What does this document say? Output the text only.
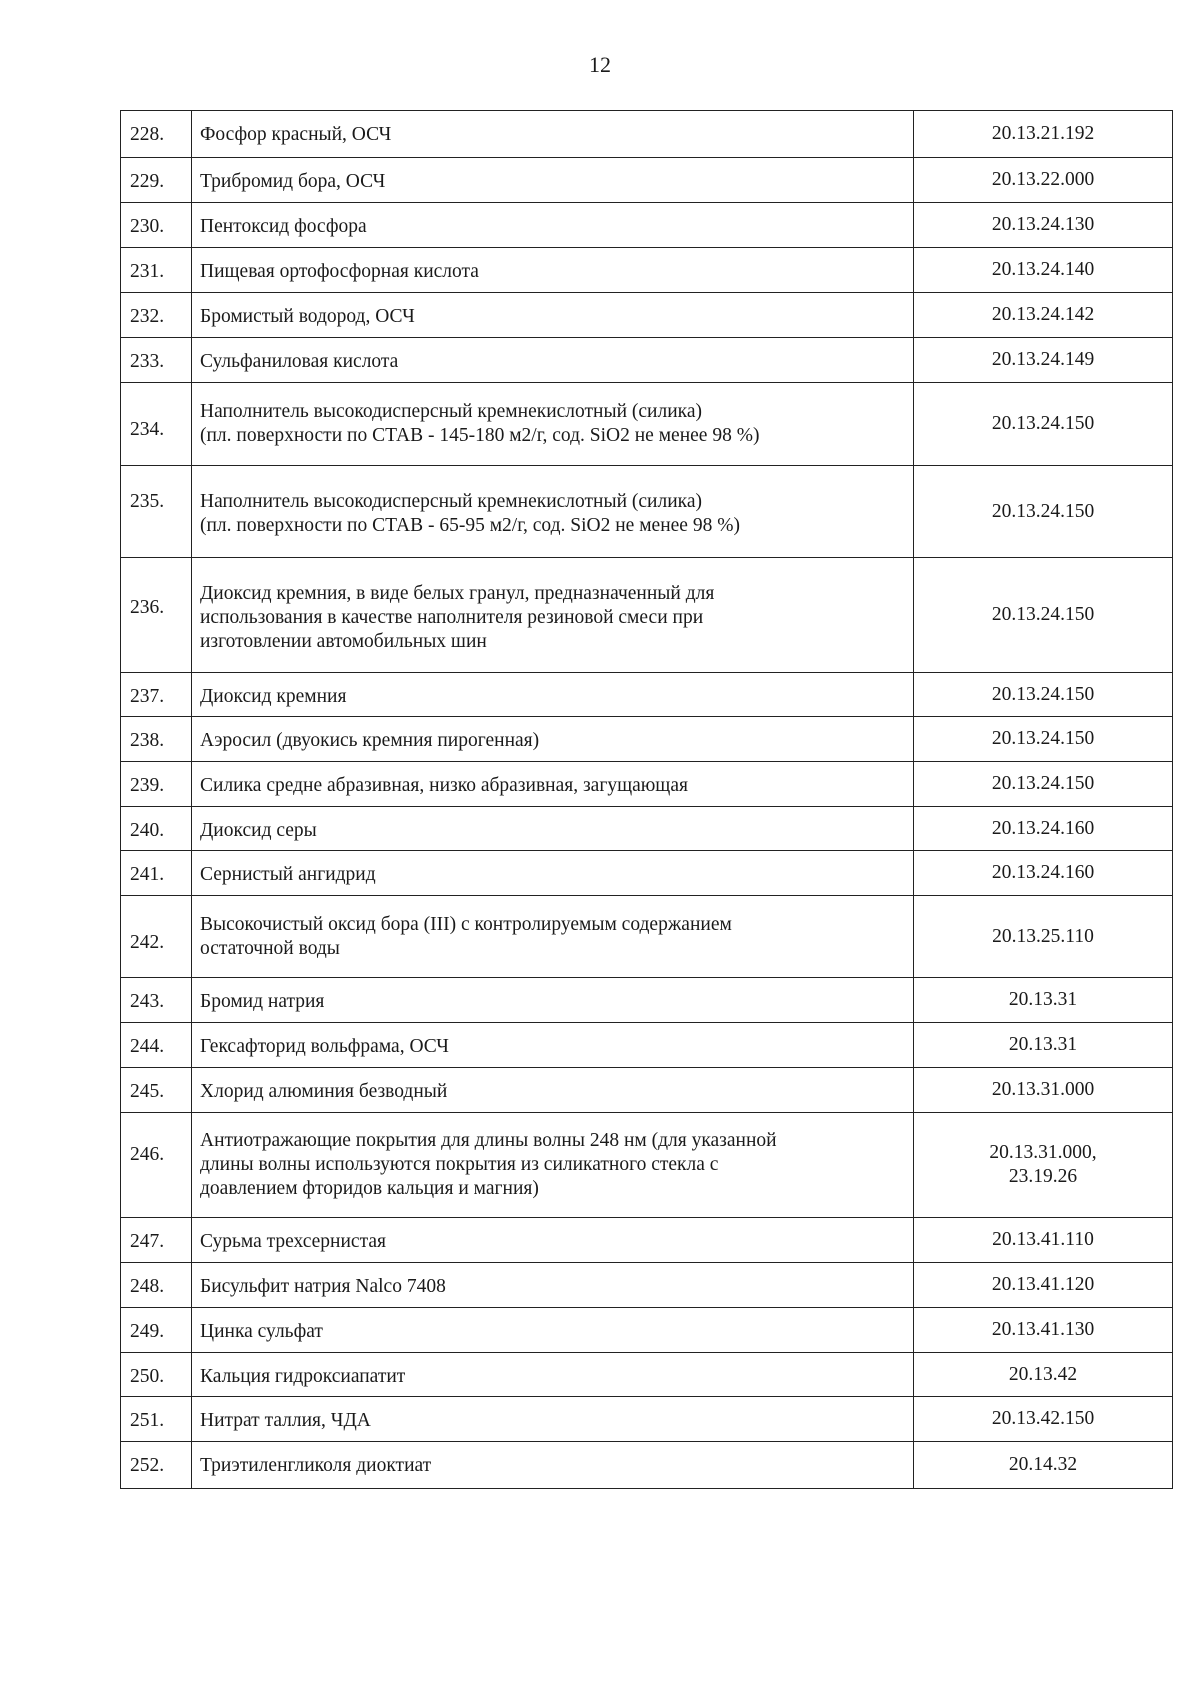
12
228.	Фосфор красный, ОСЧ	20.13.21.192

229.	Трибромид бора, ОСЧ	20.13.22.000

230.	Пентоксид фосфора	20.13.24.130

231.	Пищевая ортофосфорная кислота	20.13.24.140

232.	Бромистый водород, ОСЧ	20.13.24.142

233.	Сульфаниловая кислота	20.13.24.149

234.	Наполнитель высокодисперсный кремнекислотный (силика)
(пл. поверхности по СТАВ - 145-180 м2/г, сод. SiO2 не менее 98 %)	20.13.24.150

235.	Наполнитель высокодисперсный кремнекислотный (силика)
(пл. поверхности по СТАВ - 65-95 м2/г, сод. SiO2 не менее 98 %)	20.13.24.150

236.	Диоксид кремния, в виде белых гранул, предназначенный для
использования в качестве наполнителя резиновой смеси при
изготовлении автомобильных шин	20.13.24.150

237.	Диоксид кремния	20.13.24.150

238.	Аэросил (двуокись кремния пирогенная)	20.13.24.150

239.	Силика средне абразивная, низко абразивная, загущающая	20.13.24.150

240.	Диоксид серы	20.13.24.160

241.	Сернистый ангидрид	20.13.24.160

242.	Высокочистый оксид бора (III) с контролируемым содержанием
остаточной воды	20.13.25.110

243.	Бромид натрия	20.13.31

244.	Гексафторид вольфрама, ОСЧ	20.13.31

245.	Хлорид алюминия безводный	20.13.31.000

246.	Антиотражающие покрытия для длины волны 248 нм (для указанной
длины волны используются покрытия из силикатного стекла с
доавлением фторидов кальция и магния)	20.13.31.000,
23.19.26

247.	Сурьма трехсернистая	20.13.41.110

248.	Бисульфит натрия Nalco 7408	20.13.41.120

249.	Цинка сульфат	20.13.41.130

250.	Кальция гидроксиапатит	20.13.42

251.	Нитрат таллия, ЧДА	20.13.42.150

252.	Триэтиленгликоля диоктиат	20.14.32
